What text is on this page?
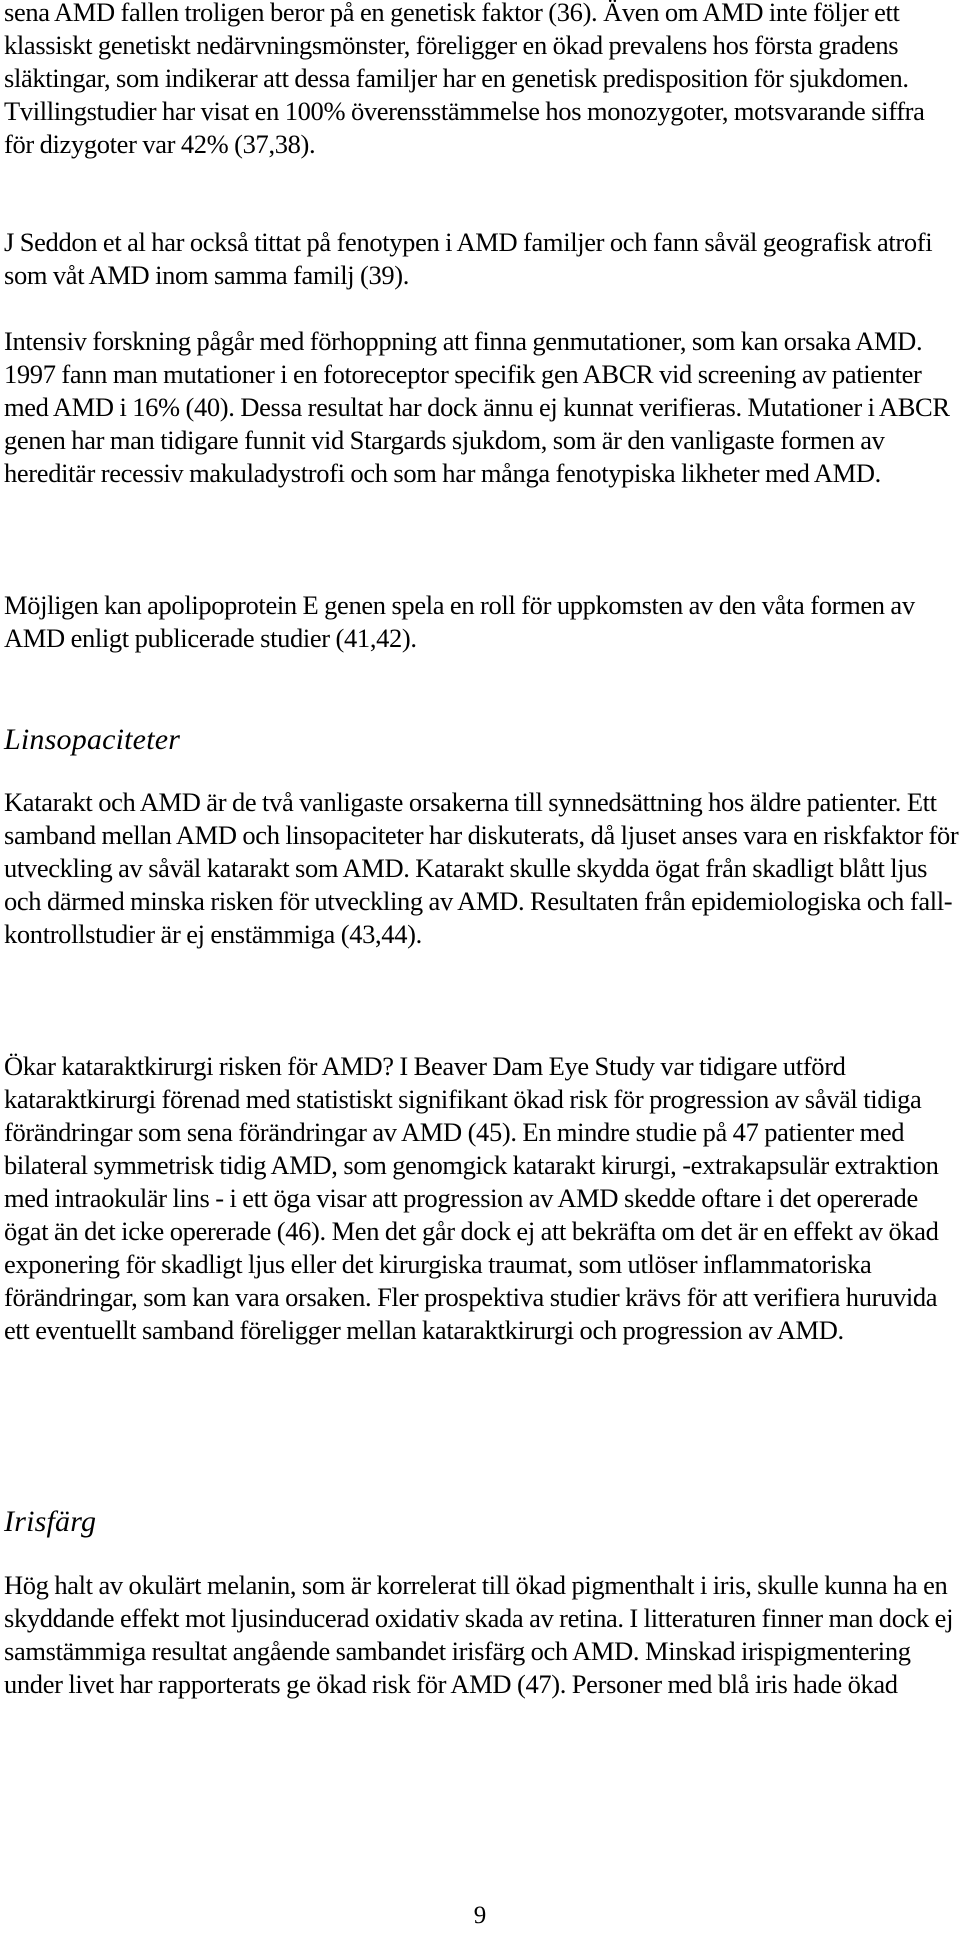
sena AMD fallen troligen beror på en genetisk faktor (36). Även om AMD inte följer ett klassiskt genetiskt nedärvningsmönster, föreligger en ökad prevalens hos första gradens släktingar, som indikerar att dessa familjer har en genetisk predisposition för sjukdomen. Tvillingstudier har visat en 100% överensstämmelse hos monozygoter, motsvarande siffra för dizygoter var 42% (37,38).

J Seddon et al har också tittat på fenotypen i AMD familjer och fann såväl geografisk atrofi som våt AMD inom samma familj (39).

Intensiv forskning pågår med förhoppning att finna genmutationer, som kan orsaka AMD. 1997 fann man mutationer i en fotoreceptor specifik gen ABCR vid screening av patienter med AMD i 16% (40). Dessa resultat har dock ännu ej kunnat verifieras. Mutationer i ABCR genen har man tidigare funnit vid Stargards sjukdom, som är den vanligaste formen av hereditär recessiv makuladystrofi och som har många fenotypiska likheter med AMD.

Möjligen kan apolipoprotein E genen spela en roll för uppkomsten av den våta formen av AMD enligt publicerade studier (41,42).

Linsopaciteter

Katarakt och AMD är de två vanligaste orsakerna till synnedsättning hos äldre patienter. Ett samband mellan AMD och linsopaciteter har diskuterats, då ljuset anses vara en riskfaktor för utveckling av såväl katarakt som AMD. Katarakt skulle skydda ögat från skadligt blått ljus och därmed minska risken för utveckling av AMD. Resultaten från epidemiologiska och fall-kontrollstudier är ej enstämmiga (43,44).

Ökar kataraktkirurgi risken för AMD? I Beaver Dam Eye Study var tidigare utförd kataraktkirurgi förenad med statistiskt signifikant ökad risk för progression av såväl tidiga förändringar som sena förändringar av AMD (45). En mindre studie på 47 patienter med bilateral symmetrisk tidig AMD, som genomgick katarakt kirurgi, -extrakapsulär extraktion med intraokulär lins - i ett öga visar att progression av AMD skedde oftare i det opererade ögat än det icke opererade (46). Men det går dock ej att bekräfta om det är en effekt av ökad exponering för skadligt ljus eller det kirurgiska traumat, som utlöser inflammatoriska förändringar, som kan vara orsaken. Fler prospektiva studier krävs för att verifiera huruvida ett eventuellt samband föreligger mellan kataraktkirurgi och progression av AMD.

Irisfärg

Hög halt av okulärt melanin, som är korrelerat till ökad pigmenthalt i iris, skulle kunna ha en skyddande effekt mot ljusinducerad oxidativ skada av retina. I litteraturen finner man dock ej samstämmiga resultat angående sambandet irisfärg och AMD. Minskad irispigmentering under livet har rapporterats ge ökad risk för AMD (47). Personer med blå iris hade ökad

9
